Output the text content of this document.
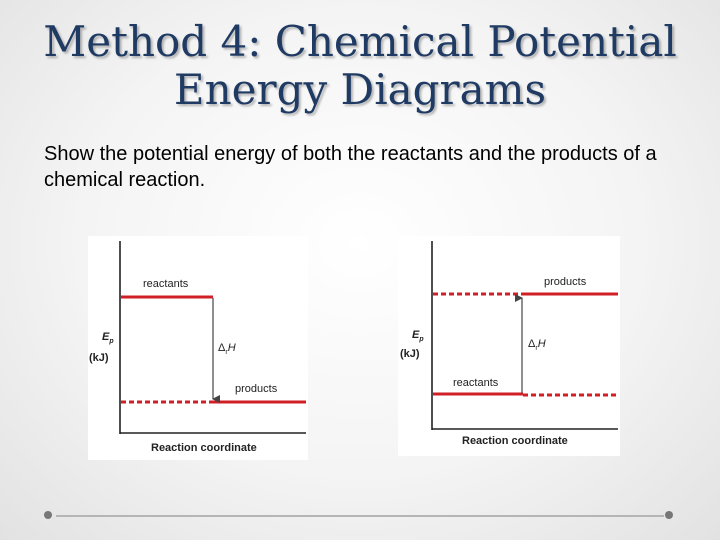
Method 4: Chemical Potential
Energy Diagrams
Show the potential energy of both the reactants and the products of a chemical reaction.
$E_p$
(kJ)
reactants
products
$\Delta_rH$
Reaction coordinate
$E_p$
(kJ)
products
reactants
$\Delta_rH$
Reaction coordinate
